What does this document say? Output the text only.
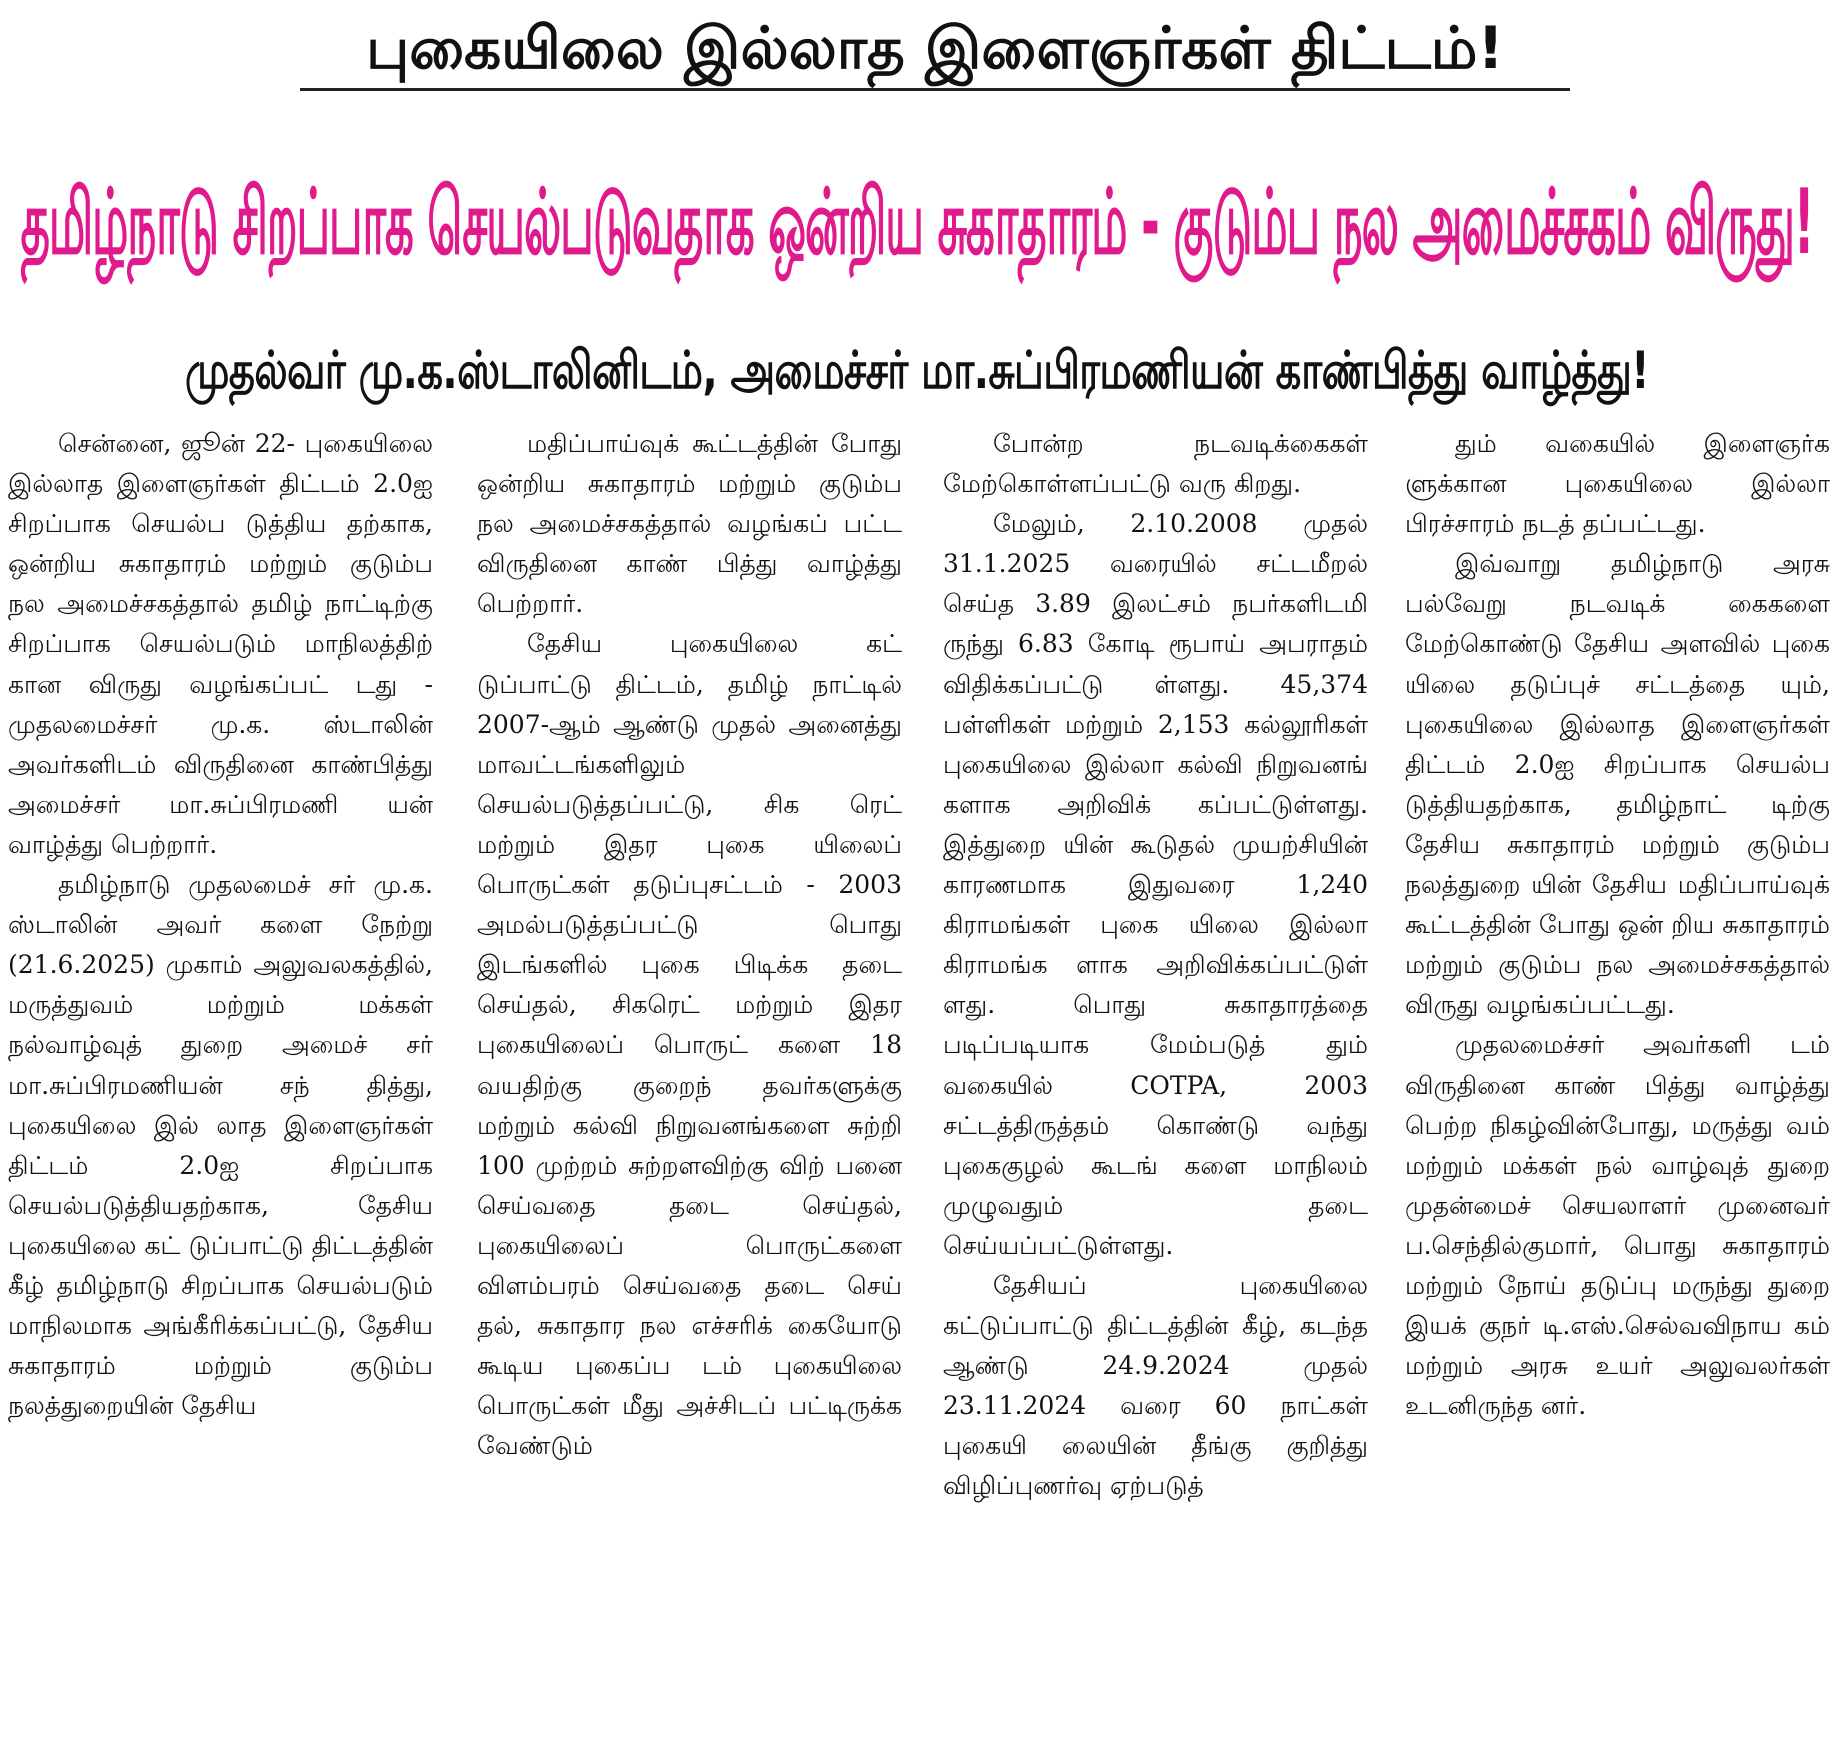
புகையிலை இல்லாத இளைஞர்கள் திட்டம்!
தமிழ்நாடு சிறப்பாக செயல்படுவதாக ஒன்றிய சுகாதாரம் - குடும்ப நல அமைச்சகம் விருது!
முதல்வர் மு.க.ஸ்டாலினிடம், அமைச்சர் மா.சுப்பிரமணியன் காண்பித்து வாழ்த்து!

சென்னை, ஜூன் 22- புகையிலை இல்லாத இளைஞர்கள் திட்டம் 2.0ஐ சிறப்பாக செயல்ப டுத்திய தற்காக, ஒன்றிய சுகாதாரம் மற்றும் குடும்ப நல அமைச்சகத்தால் தமிழ் நாட்டிற்கு சிறப்பாக செயல்படும் மாநிலத்திற் கான விருது வழங்கப்பட் டது - முதலமைச்சர் மு.க. ஸ்டாலின் அவர்களிடம் விருதினை காண்பித்து அமைச்சர் மா.சுப்பிரமணி யன் வாழ்த்து பெற்றார்.

தமிழ்நாடு முதலமைச் சர் மு.க. ஸ்டாலின் அவர் களை நேற்று (21.6.2025) முகாம் அலுவலகத்தில், மருத்துவம் மற்றும் மக்கள் நல்வாழ்வுத் துறை அமைச் சர் மா.சுப்பிரமணியன் சந் தித்து, புகையிலை இல் லாத இளைஞர்கள் திட்டம் 2.0ஐ சிறப்பாக செயல்படுத்தியதற்காக, தேசிய புகையிலை கட் டுப்பாட்டு திட்டத்தின் கீழ் தமிழ்நாடு சிறப்பாக செயல்படும் மாநிலமாக அங்கீரிக்கப்பட்டு, தேசிய சுகாதாரம் மற்றும் குடும்ப நலத்துறையின் தேசிய

மதிப்பாய்வுக் கூட்டத்தின் போது ஒன்றிய சுகாதாரம் மற்றும் குடும்ப நல அமைச்சகத்தால் வழங்கப் பட்ட விருதினை காண் பித்து வாழ்த்து பெற்றார்.

தேசிய புகையிலை கட் டுப்பாட்டு திட்டம், தமிழ் நாட்டில் 2007-ஆம் ஆண்டு முதல் அனைத்து மாவட்டங்களிலும் செயல்படுத்தப்பட்டு, சிக ரெட் மற்றும் இதர புகை யிலைப் பொருட்கள் தடுப்புசட்டம் - 2003 அமல்படுத்தப்பட்டு பொது இடங்களில் புகை பிடிக்க தடை செய்தல், சிகரெட் மற்றும் இதர புகையிலைப் பொருட் களை 18 வயதிற்கு குறைந் தவர்களுக்கு மற்றும் கல்வி நிறுவனங்களை சுற்றி 100 முற்றம் சுற்றளவிற்கு விற் பனை செய்வதை தடை செய்தல், புகையிலைப் பொருட்களை விளம்பரம் செய்வதை தடை செய் தல், சுகாதார நல எச்சரிக் கையோடு கூடிய புகைப்ப டம் புகையிலை பொருட்கள் மீது அச்சிடப் பட்டிருக்க வேண்டும்

போன்ற நடவடிக்கைகள் மேற்கொள்ளப்பட்டு வரு கிறது.

மேலும், 2.10.2008 முதல் 31.1.2025 வரையில் சட்டமீறல் செய்த 3.89 இலட்சம் நபர்களிடமி ருந்து 6.83 கோடி ரூபாய் அபராதம் விதிக்கப்பட்டு ள்ளது. 45,374 பள்ளிகள் மற்றும் 2,153 கல்லூரிகள் புகையிலை இல்லா கல்வி நிறுவனங் களாக அறிவிக் கப்பட்டுள்ளது. இத்துறை யின் கூடுதல் முயற்சியின் காரணமாக இதுவரை 1,240 கிராமங்கள் புகை யிலை இல்லா கிராமங்க ளாக அறிவிக்கப்பட்டுள் ளது. பொது சுகாதாரத்தை படிப்படியாக மேம்படுத் தும் வகையில் COTPA, 2003 சட்டத்திருத்தம் கொண்டு வந்து புகைகுழல் கூடங் களை மாநிலம் முழுவதும் தடை செய்யப்பட்டுள்ளது.

தேசியப் புகையிலை கட்டுப்பாட்டு திட்டத்தின் கீழ், கடந்த ஆண்டு 24.9.2024 முதல் 23.11.2024 வரை 60 நாட்கள் புகையி லையின் தீங்கு குறித்து விழிப்புணர்வு ஏற்படுத்

தும் வகையில் இளைஞர்க ளுக்கான புகையிலை இல்லா பிரச்சாரம் நடத் தப்பட்டது.

இவ்வாறு தமிழ்நாடு அரசு பல்வேறு நடவடிக் கைகளை மேற்கொண்டு தேசிய அளவில் புகை யிலை தடுப்புச் சட்டத்தை யும், புகையிலை இல்லாத இளைஞர்கள் திட்டம் 2.0ஐ சிறப்பாக செயல்ப டுத்தியதற்காக, தமிழ்நாட் டிற்கு தேசிய சுகாதாரம் மற்றும் குடும்ப நலத்துறை யின் தேசிய மதிப்பாய்வுக் கூட்டத்தின் போது ஒன் றிய சுகாதாரம் மற்றும் குடும்ப நல அமைச்சகத்தால் விருது வழங்கப்பட்டது.

முதலமைச்சர் அவர்களி டம் விருதினை காண் பித்து வாழ்த்து பெற்ற நிகழ்வின்போது, மருத்து வம் மற்றும் மக்கள் நல் வாழ்வுத் துறை முதன்மைச் செயலாளர் முனைவர் ப.செந்தில்குமார், பொது சுகாதாரம் மற்றும் நோய் தடுப்பு மருந்து துறை இயக் குநர் டி.எஸ்.செல்வவிநாய கம் மற்றும் அரசு உயர் அலுவலர்கள் உடனிருந்த னர்.
